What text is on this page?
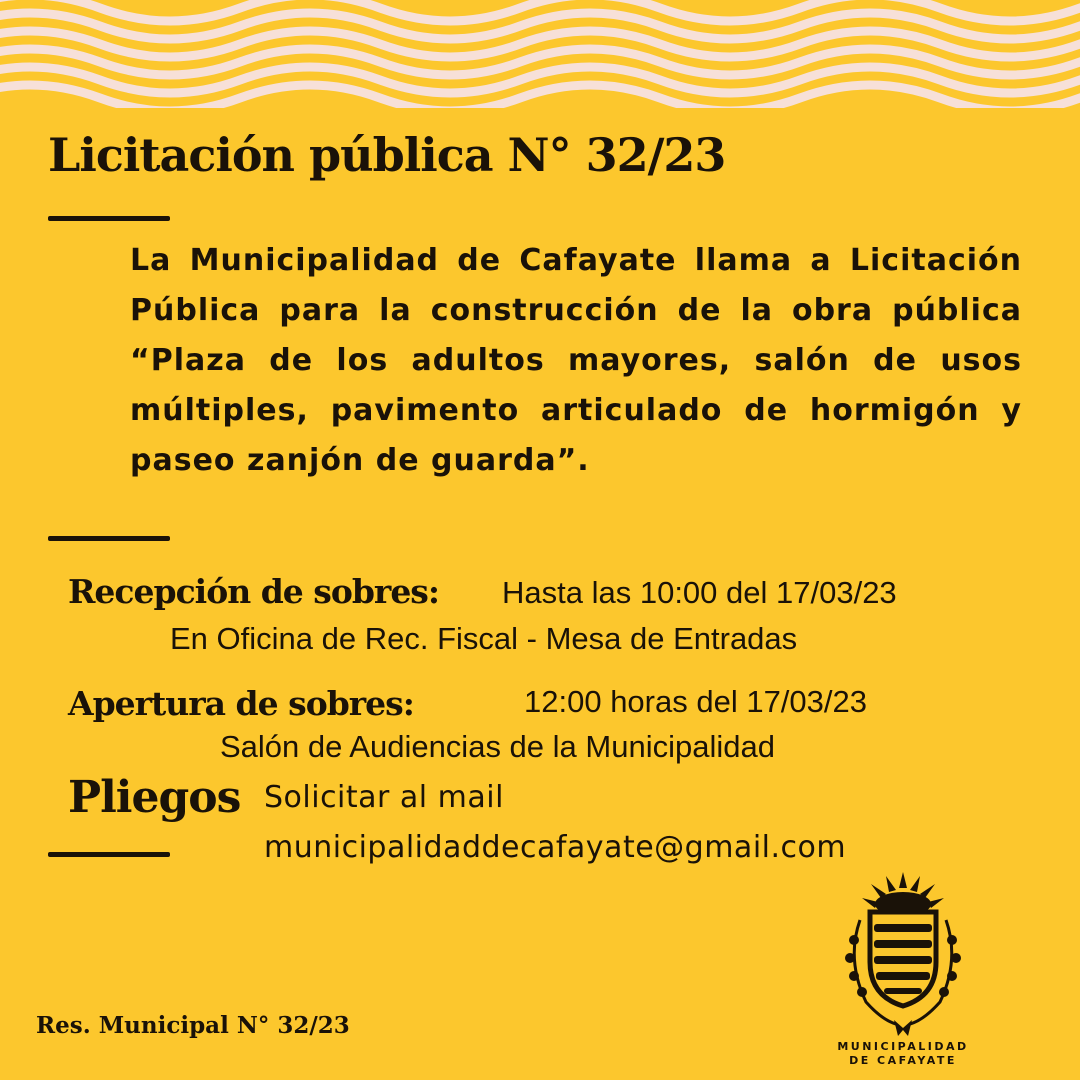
Licitación pública N° 32/23

La Municipalidad de Cafayate llama a Licitación Pública para la construcción de la obra pública “Plaza de los adultos mayores, salón de usos múltiples, pavimento articulado de hormigón y paseo zanjón de guarda”.

Recepción de sobres: Hasta las 10:00 del 17/03/23
En Oficina de Rec. Fiscal - Mesa de Entradas
Apertura de sobres:	12:00 horas del 17/03/23
Salón de Audiencias de la Municipalidad
Pliegos Solicitar al mail
municipalidaddecafayate@gmail.com
Res. Municipal N° 32/23
MUNICIPALIDAD
DE CAFAYATE
